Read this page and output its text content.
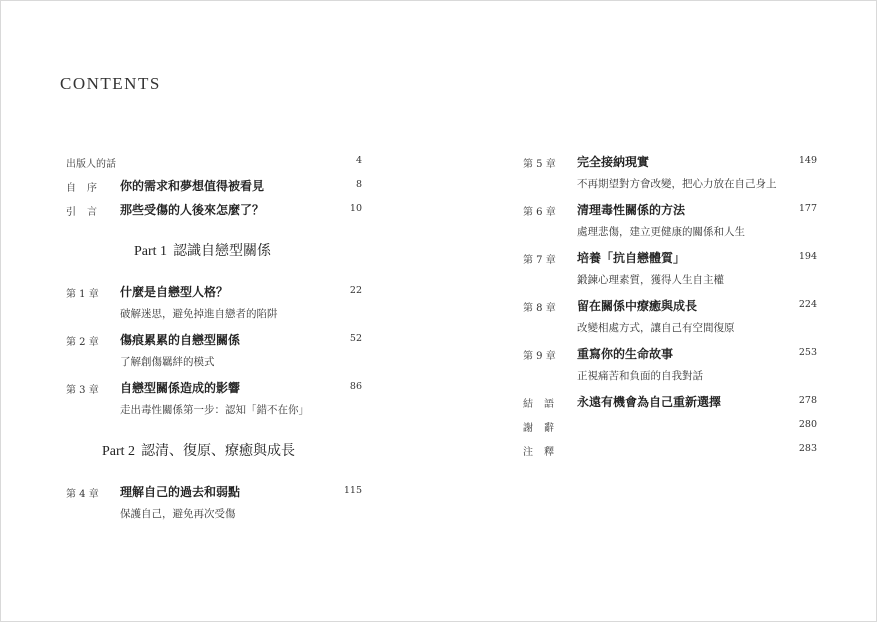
CONTENTS
出版人的話	4
自序 你的需求和夢想值得被看見	8
引言 那些受傷的人後來怎麼了？	10
Part 1 認識自戀型關係
第 1 章 什麼是自戀型人格？	22
破解迷思，避免掉進自戀者的陷阱
第 2 章 傷痕累累的自戀型關係	52
了解創傷羈絆的模式
第 3 章 自戀型關係造成的影響	86
走出毒性關係第一步：認知「錯不在你」
Part 2 認清、復原、療癒與成長
第 4 章 理解自己的過去和弱點	115
保護自己，避免再次受傷
第 5 章 完全接納現實	149
不再期望對方會改變，把心力放在自己身上
第 6 章 清理毒性關係的方法	177
處理悲傷，建立更健康的關係和人生
第 7 章 培養「抗自戀體質」	194
鍛鍊心理素質，獲得人生自主權
第 8 章 留在關係中療癒與成長	224
改變相處方式，讓自己有空間復原
第 9 章 重寫你的生命故事	253
正視痛苦和負面的自我對話
結語 永遠有機會為自己重新選擇	278
謝辭	280
注釋	283
